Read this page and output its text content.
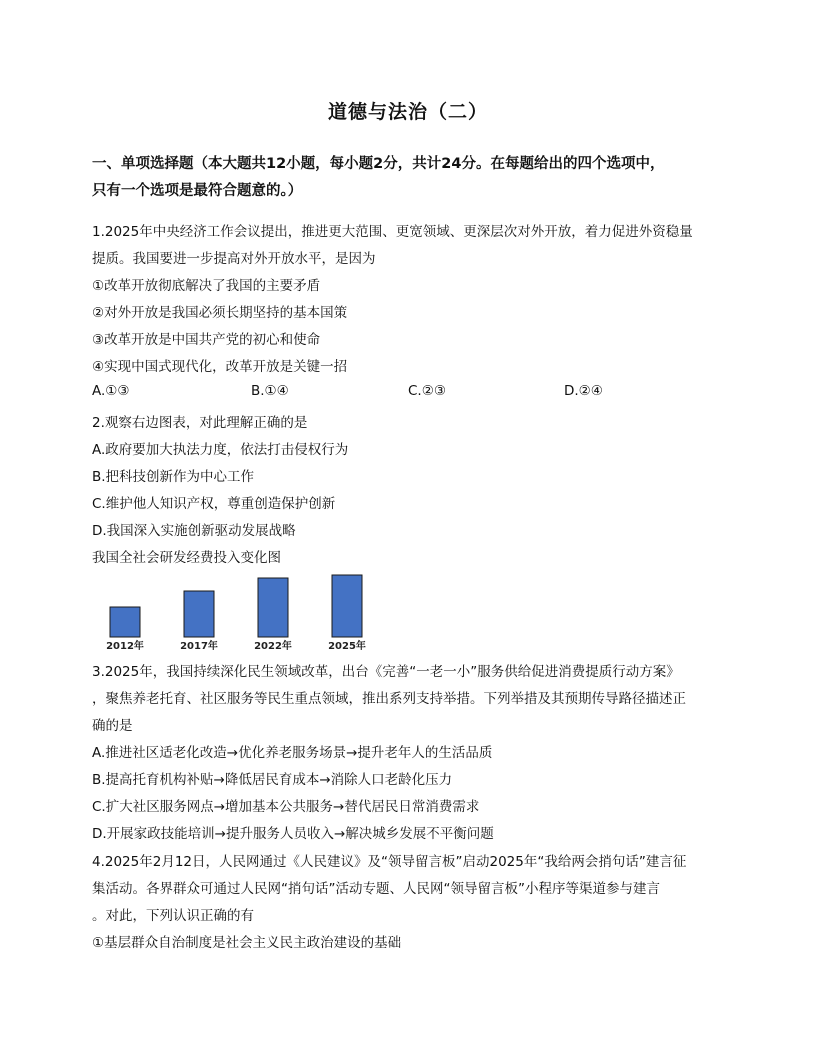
道德与法治（二）
一、单项选择题（本大题共12小题，每小题2分，共计24分。在每题给出的四个选项中，
只有一个选项是最符合题意的。）
1.2025年中央经济工作会议提出，推进更大范围、更宽领域、更深层次对外开放，着力促进外资稳量
提质。我国要进一步提高对外开放水平，是因为
①改革开放彻底解决了我国的主要矛盾
②对外开放是我国必须长期坚持的基本国策
③改革开放是中国共产党的初心和使命
④实现中国式现代化，改革开放是关键一招
A.①③	B.①④	C.②③	D.②④
2.观察右边图表，对此理解正确的是
A.政府要加大执法力度，依法打击侵权行为
B.把科技创新作为中心工作
C.维护他人知识产权，尊重创造保护创新
D.我国深入实施创新驱动发展战略
我国全社会研发经费投入变化图
2012年	2017年	2022年	2025年
3.2025年，我国持续深化民生领域改革，出台《完善“一老一小”服务供给促进消费提质行动方案》
，聚焦养老托育、社区服务等民生重点领域，推出系列支持举措。下列举措及其预期传导路径描述正
确的是
A.推进社区适老化改造→优化养老服务场景→提升老年人的生活品质
B.提高托育机构补贴→降低居民育成本→消除人口老龄化压力
C.扩大社区服务网点→增加基本公共服务→替代居民日常消费需求
D.开展家政技能培训→提升服务人员收入→解决城乡发展不平衡问题
4.2025年2月12日，人民网通过《人民建议》及“领导留言板”启动2025年“我给两会捎句话”建言征
集活动。各界群众可通过人民网“捎句话”活动专题、人民网“领导留言板”小程序等渠道参与建言
。对此，下列认识正确的有
①基层群众自治制度是社会主义民主政治建设的基础
